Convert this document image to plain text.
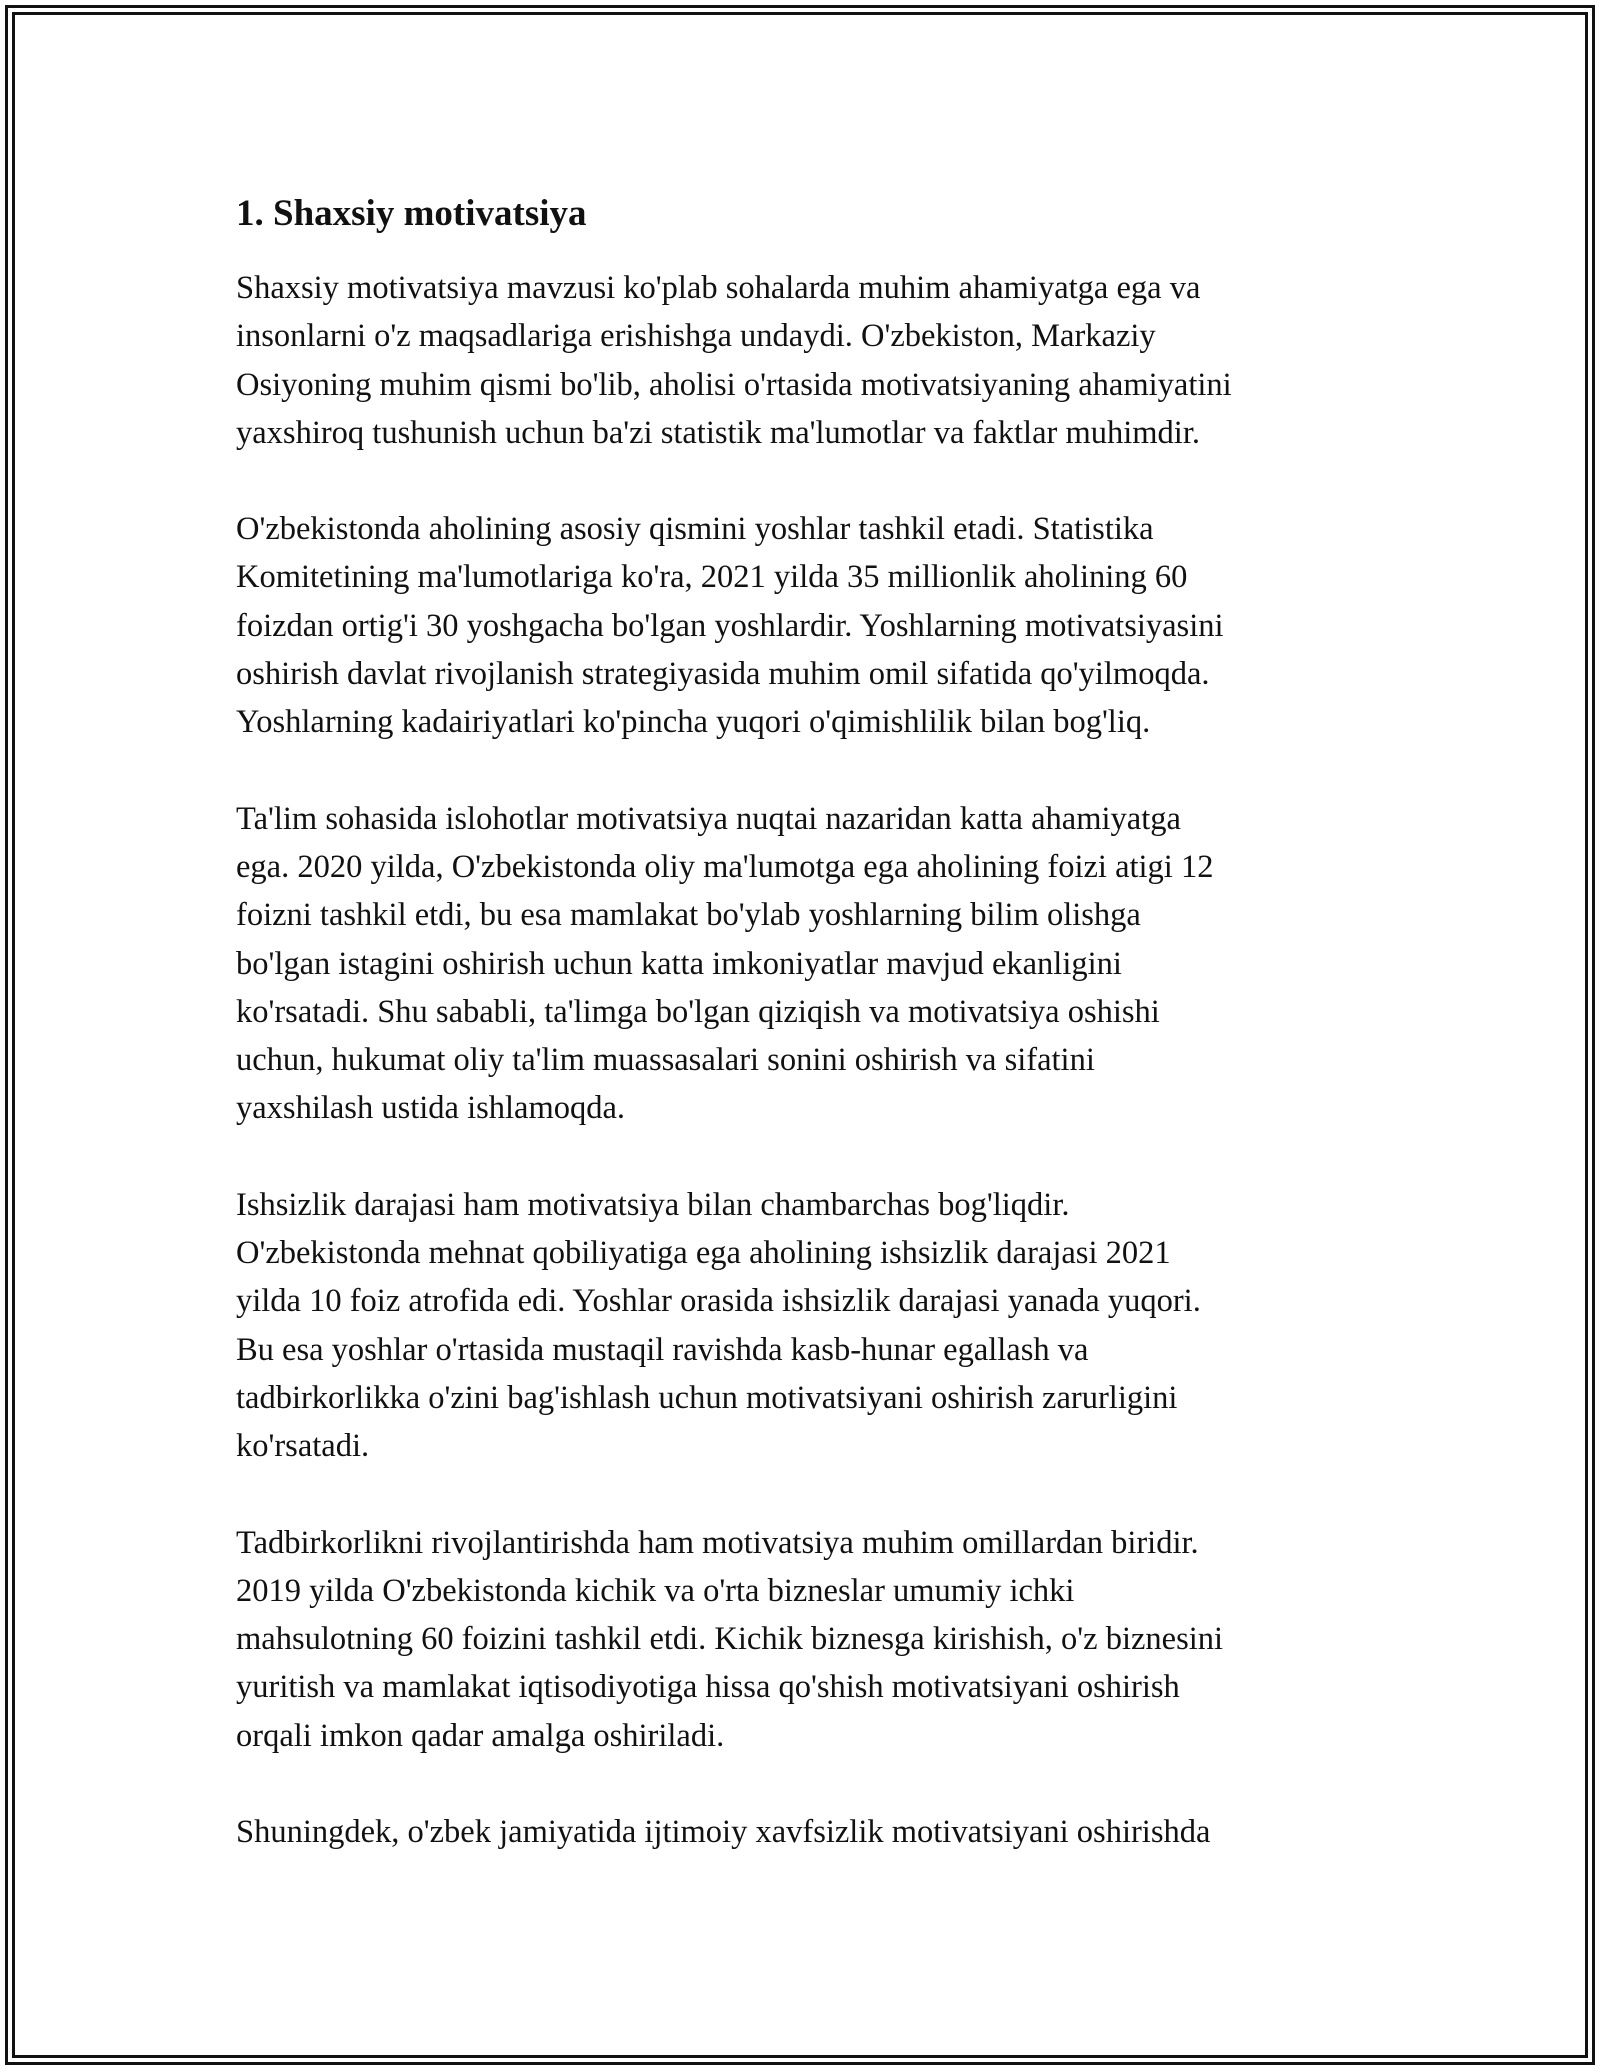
1. Shaxsiy motivatsiya

Shaxsiy motivatsiya mavzusi ko'plab sohalarda muhim ahamiyatga ega va
insonlarni o'z maqsadlariga erishishga undaydi. O'zbekiston, Markaziy
Osiyoning muhim qismi bo'lib, aholisi o'rtasida motivatsiyaning ahamiyatini
yaxshiroq tushunish uchun ba'zi statistik ma'lumotlar va faktlar muhimdir.

O'zbekistonda aholining asosiy qismini yoshlar tashkil etadi. Statistika
Komitetining ma'lumotlariga ko'ra, 2021 yilda 35 millionlik aholining 60
foizdan ortig'i 30 yoshgacha bo'lgan yoshlardir. Yoshlarning motivatsiyasini
oshirish davlat rivojlanish strategiyasida muhim omil sifatida qo'yilmoqda.
Yoshlarning kadairiyatlari ko'pincha yuqori o'qimishlilik bilan bog'liq.

Ta'lim sohasida islohotlar motivatsiya nuqtai nazaridan katta ahamiyatga
ega. 2020 yilda, O'zbekistonda oliy ma'lumotga ega aholining foizi atigi 12
foizni tashkil etdi, bu esa mamlakat bo'ylab yoshlarning bilim olishga
bo'lgan istagini oshirish uchun katta imkoniyatlar mavjud ekanligini
ko'rsatadi. Shu sababli, ta'limga bo'lgan qiziqish va motivatsiya oshishi
uchun, hukumat oliy ta'lim muassasalari sonini oshirish va sifatini
yaxshilash ustida ishlamoqda.

Ishsizlik darajasi ham motivatsiya bilan chambarchas bog'liqdir.
O'zbekistonda mehnat qobiliyatiga ega aholining ishsizlik darajasi 2021
yilda 10 foiz atrofida edi. Yoshlar orasida ishsizlik darajasi yanada yuqori.
Bu esa yoshlar o'rtasida mustaqil ravishda kasb-hunar egallash va
tadbirkorlikka o'zini bag'ishlash uchun motivatsiyani oshirish zarurligini
ko'rsatadi.

Tadbirkorlikni rivojlantirishda ham motivatsiya muhim omillardan biridir.
2019 yilda O'zbekistonda kichik va o'rta bizneslar umumiy ichki
mahsulotning 60 foizini tashkil etdi. Kichik biznesga kirishish, o'z biznesini
yuritish va mamlakat iqtisodiyotiga hissa qo'shish motivatsiyani oshirish
orqali imkon qadar amalga oshiriladi.

Shuningdek, o'zbek jamiyatida ijtimoiy xavfsizlik motivatsiyani oshirishda
